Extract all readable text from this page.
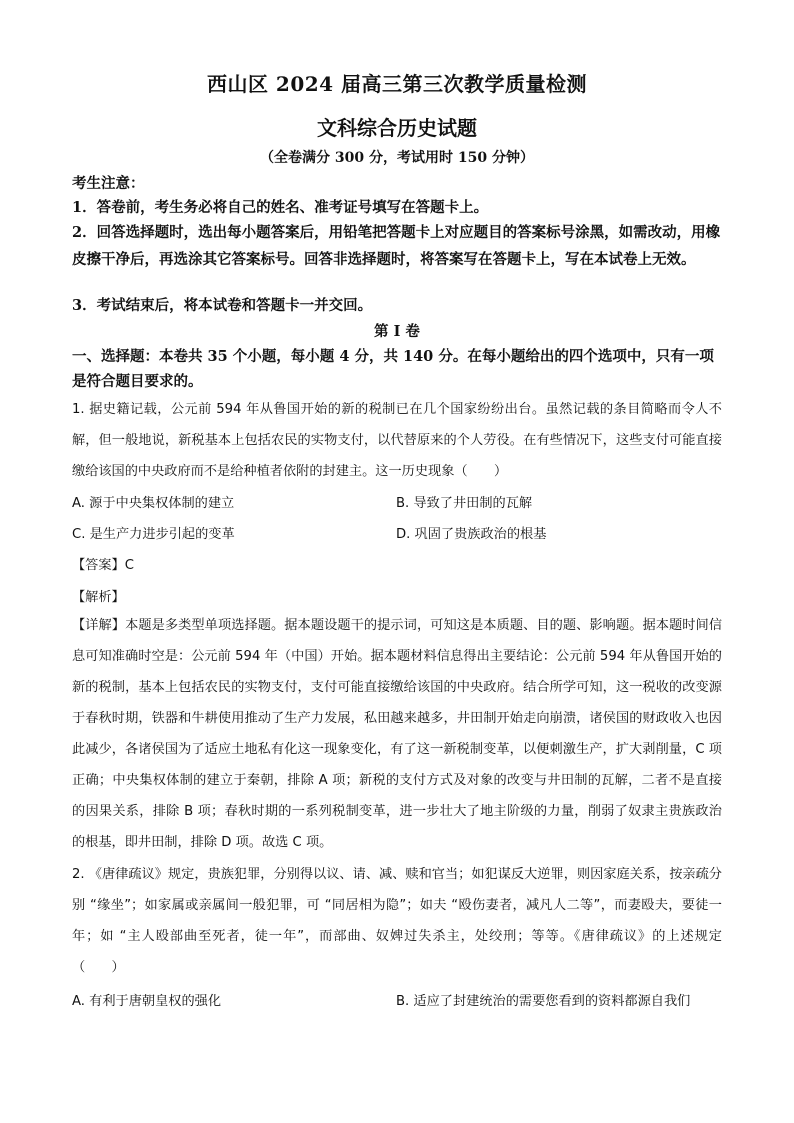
西山区 2024 届高三第三次教学质量检测
文科综合历史试题
（全卷满分 300 分，考试用时 150 分钟）
考生注意：
1．答卷前，考生务必将自己的姓名、准考证号填写在答题卡上。
2．回答选择题时，选出每小题答案后，用铅笔把答题卡上对应题目的答案标号涂黑，如需改动，用橡皮擦干净后，再选涂其它答案标号。回答非选择题时，将答案写在答题卡上，写在本试卷上无效。
3．考试结束后，将本试卷和答题卡一并交回。
第 Ⅰ 卷
一、选择题：本卷共 35 个小题，每小题 4 分，共 140 分。在每小题给出的四个选项中，只有一项是符合题目要求的。
1. 据史籍记载，公元前 594 年从鲁国开始的新的税制已在几个国家纷纷出台。虽然记载的条目简略而令人不解，但一般地说，新税基本上包括农民的实物支付，以代替原来的个人劳役。在有些情况下，这些支付可能直接缴给该国的中央政府而不是给种植者依附的封建主。这一历史现象（　　）
A. 源于中央集权体制的建立	B. 导致了井田制的瓦解
C. 是生产力进步引起的变革	D. 巩固了贵族政治的根基
【答案】C
【解析】
【详解】本题是多类型单项选择题。据本题设题干的提示词，可知这是本质题、目的题、影响题。据本题时间信息可知准确时空是：公元前 594 年（中国）开始。据本题材料信息得出主要结论：公元前 594 年从鲁国开始的新的税制，基本上包括农民的实物支付，支付可能直接缴给该国的中央政府。结合所学可知，这一税收的改变源于春秋时期，铁器和牛耕使用推动了生产力发展，私田越来越多，井田制开始走向崩溃，诸侯国的财政收入也因此减少，各诸侯国为了适应土地私有化这一现象变化，有了这一新税制变革，以便刺激生产，扩大剥削量，C 项正确；中央集权体制的建立于秦朝，排除 A 项；新税的支付方式及对象的改变与井田制的瓦解，二者不是直接的因果关系，排除 B 项；春秋时期的一系列税制变革，进一步壮大了地主阶级的力量，削弱了奴隶主贵族政治的根基，即井田制，排除 D 项。故选 C 项。
2. 《唐律疏议》规定，贵族犯罪，分别得以议、请、减、赎和官当；如犯谋反大逆罪，则因家庭关系，按亲疏分别 “缘坐”；如家属或亲属间一般犯罪，可 “同居相为隐”；如夫 “殴伤妻者，减凡人二等”，而妻殴夫，要徒一年；如 “主人殴部曲至死者，徒一年”，而部曲、奴婢过失杀主，处绞刑；等等。《唐律疏议》的上述规定（　　）
A. 有利于唐朝皇权的强化	B. 适应了封建统治的需要您看到的资料都源自我们
